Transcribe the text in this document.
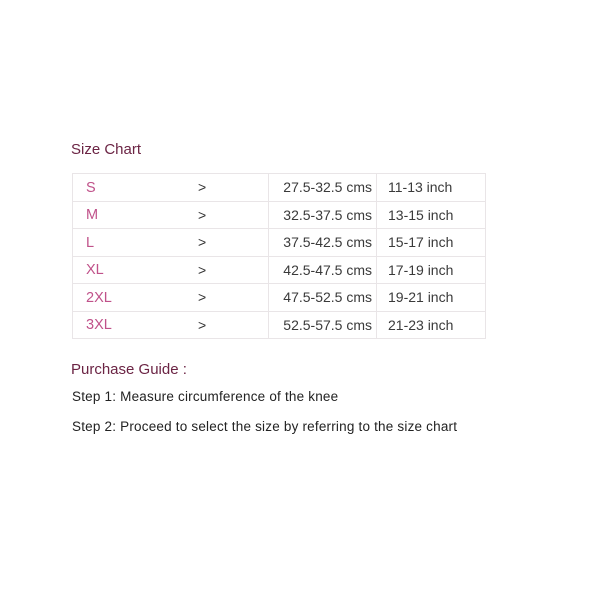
Size Chart
S	>	27.5-32.5 cms	11-13 inch
M	>	32.5-37.5 cms	13-15 inch
L	>	37.5-42.5 cms	15-17 inch
XL	>	42.5-47.5 cms	17-19 inch
2XL	>	47.5-52.5 cms	19-21 inch
3XL	>	52.5-57.5 cms	21-23 inch
Purchase Guide :

Step 1: Measure circumference of the knee

Step 2: Proceed to select the size by referring to the size chart
